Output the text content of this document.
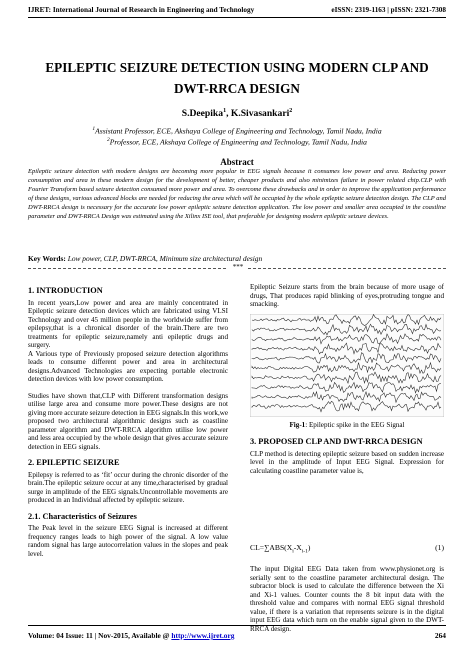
IJRET: International Journal of Research in Engineering and Technology	eISSN: 2319-1163 | pISSN: 2321-7308
EPILEPTIC SEIZURE DETECTION USING MODERN CLP AND
DWT-RRCA DESIGN
S.Deepika$^1$, K.Sivasankari$^2$
$^1$Assistant Professor, ECE, Akshaya College of Engineering and Technology, Tamil Nadu, India
$^2$Professor, ECE, Akshaya College of Engineering and Technology, Tamil Nadu, India
Abstract
Epileptic seizure detection with modern designs are becoming more popular in EEG signals because it consumes low power and area. Reducing power consumption and area in these modern design for the development of better, cheaper products and also minimizes failure in power related chip.CLP with Fourier Transform based seizure detection consumed more power and area. To overcome these drawbacks and in order to improve the application performance of these designs, various advanced blocks are needed for reducing the area which will be occupied by the whole epileptic seizure detection design. The CLP and DWT-RRCA design is necessary for the accurate low power epileptic seizure detection application. The low power and smaller area occupied in the coastline parameter and DWT-RRCA Design was estimated using the Xilinx ISE tool, that preferable for designing modern epileptic seizure devices.
Key Words: Low power, CLP, DWT-RRCA, Minimum size architectural design
***
1. INTRODUCTION

In recent years,Low power and area are mainly concentrated in Epileptic seizure detection devices which are fabricated using VLSI Technology and over 45 million people in the worldwide suffer from epilepsy,that is a chronical disorder of the brain.There are two treatments for epileptic seizure,namely anti epileptic drugs and surgery.

A Various type of Previously proposed seizure detection algorithms leads to consume different power and area in architectural designs.Advanced Technologies are expecting portable electronic detection devices with low power consumption.

Studies have shown that,CLP with Different transformation designs utilise large area and consume more power.These designs are not giving more accurate seizure detection in EEG signals.In this work,we proposed two architectural algorithmic designs such as coastline parameter algorithm and DWT-RRCA algorithm utilise low power and less area occupied by the whole design that gives accurate seizure detection in EEG signals.

2. EPILEPTIC SEIZURE

Epilepsy is referred to as ‘fit’ occur during the chronic disorder of the brain.The epileptic seizure occur at any time,characterised by gradual surge in amplitude of the EEG signals.Uncontrollable movements are produced in an Individual affected by epileptic seizure.

2.1. Characteristics of Seizures

The Peak level in the seizure EEG Signal is increased at different frequency ranges leads to high power of the signal. A low value random signal has large autocorrelation values in the slopes and peak level.

Epileptic Seizure starts from the brain because of more usage of drugs, That produces rapid blinking of eyes,protruding tongue and smacking.
Fig-1: Epileptic spike in the EEG Signal
3. PROPOSED CLP AND DWT-RRCA DESIGN

CLP method is detecting epileptic seizure based on sudden increase level in the amplitude of Input EEG Signal. Expression for calculating coastline parameter value is,

$CL=\sum ABS(X_i-X_{i-1})$	(1)
The input Digital EEG Data taken from www.physionet.org is serially sent to the coastline parameter architectural design. The subractor block is used to calculate the difference between the Xi and Xi-1 values. Counter counts the 8 bit input data with the threshold value and compares with normal EEG signal threshold value, if there is a variation that represents seizure is in the digital input EEG data which turn on the enable signal given to the DWT-RRCA design.
Volume: 04 Issue: 11 | Nov-2015, Available @ http://www.ijret.org	264
